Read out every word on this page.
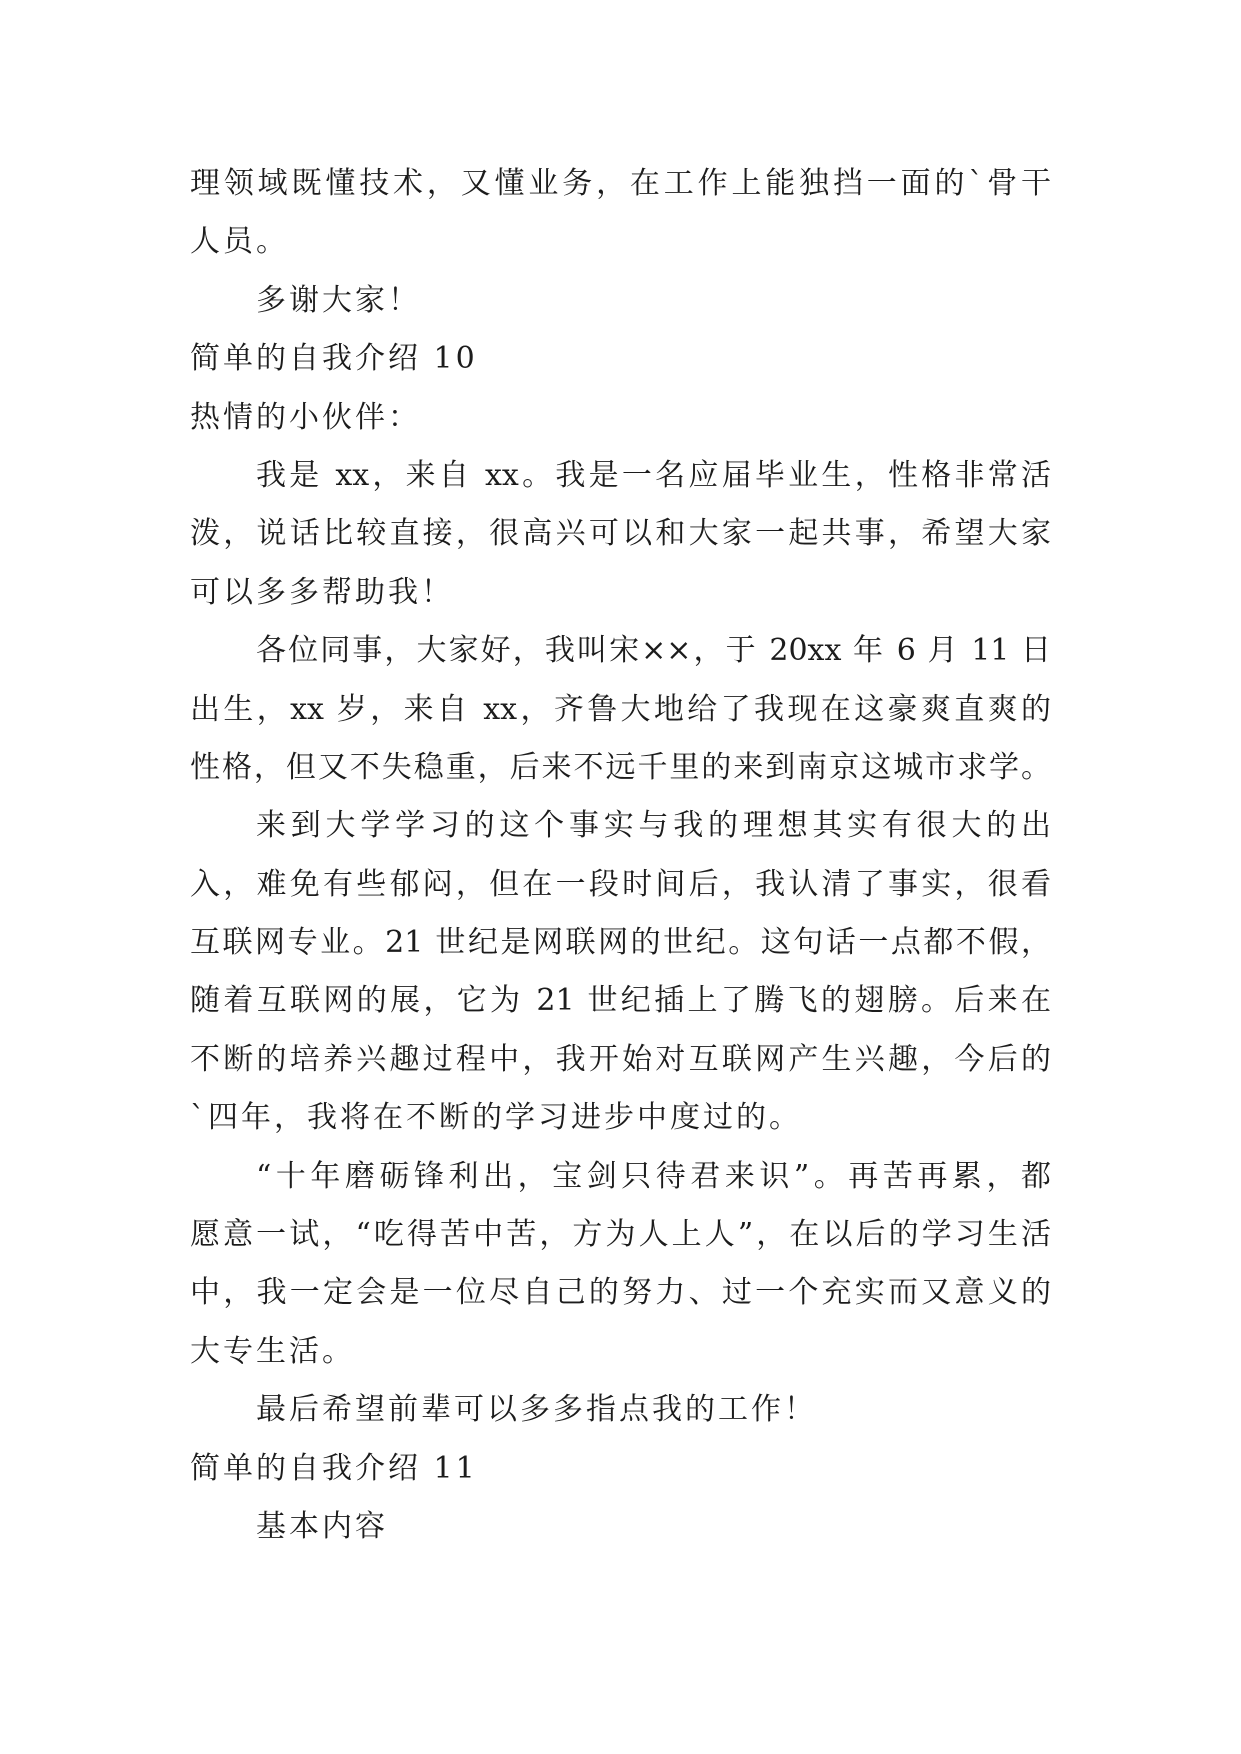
理领域既懂技术，又懂业务，在工作上能独挡一面的`骨干
人员。
多谢大家！
简单的自我介绍 10
热情的小伙伴：
我是 xx，来自 xx。我是一名应届毕业生，性格非常活
泼，说话比较直接，很高兴可以和大家一起共事，希望大家
可以多多帮助我！
各位同事，大家好，我叫宋××，于 20xx 年 6 月 11 日
出生，xx 岁，来自 xx，齐鲁大地给了我现在这豪爽直爽的
性格，但又不失稳重，后来不远千里的来到南京这城市求学。
来到大学学习的这个事实与我的理想其实有很大的出
入，难免有些郁闷，但在一段时间后，我认清了事实，很看
互联网专业。21 世纪是网联网的世纪。这句话一点都不假，
随着互联网的展，它为 21 世纪插上了腾飞的翅膀。后来在
不断的培养兴趣过程中，我开始对互联网产生兴趣，今后的
`四年，我将在不断的学习进步中度过的。
“十年磨砺锋利出，宝剑只待君来识”。再苦再累，都
愿意一试，“吃得苦中苦，方为人上人”，在以后的学习生活
中，我一定会是一位尽自己的努力、过一个充实而又意义的
大专生活。
最后希望前辈可以多多指点我的工作！
简单的自我介绍 11
基本内容
